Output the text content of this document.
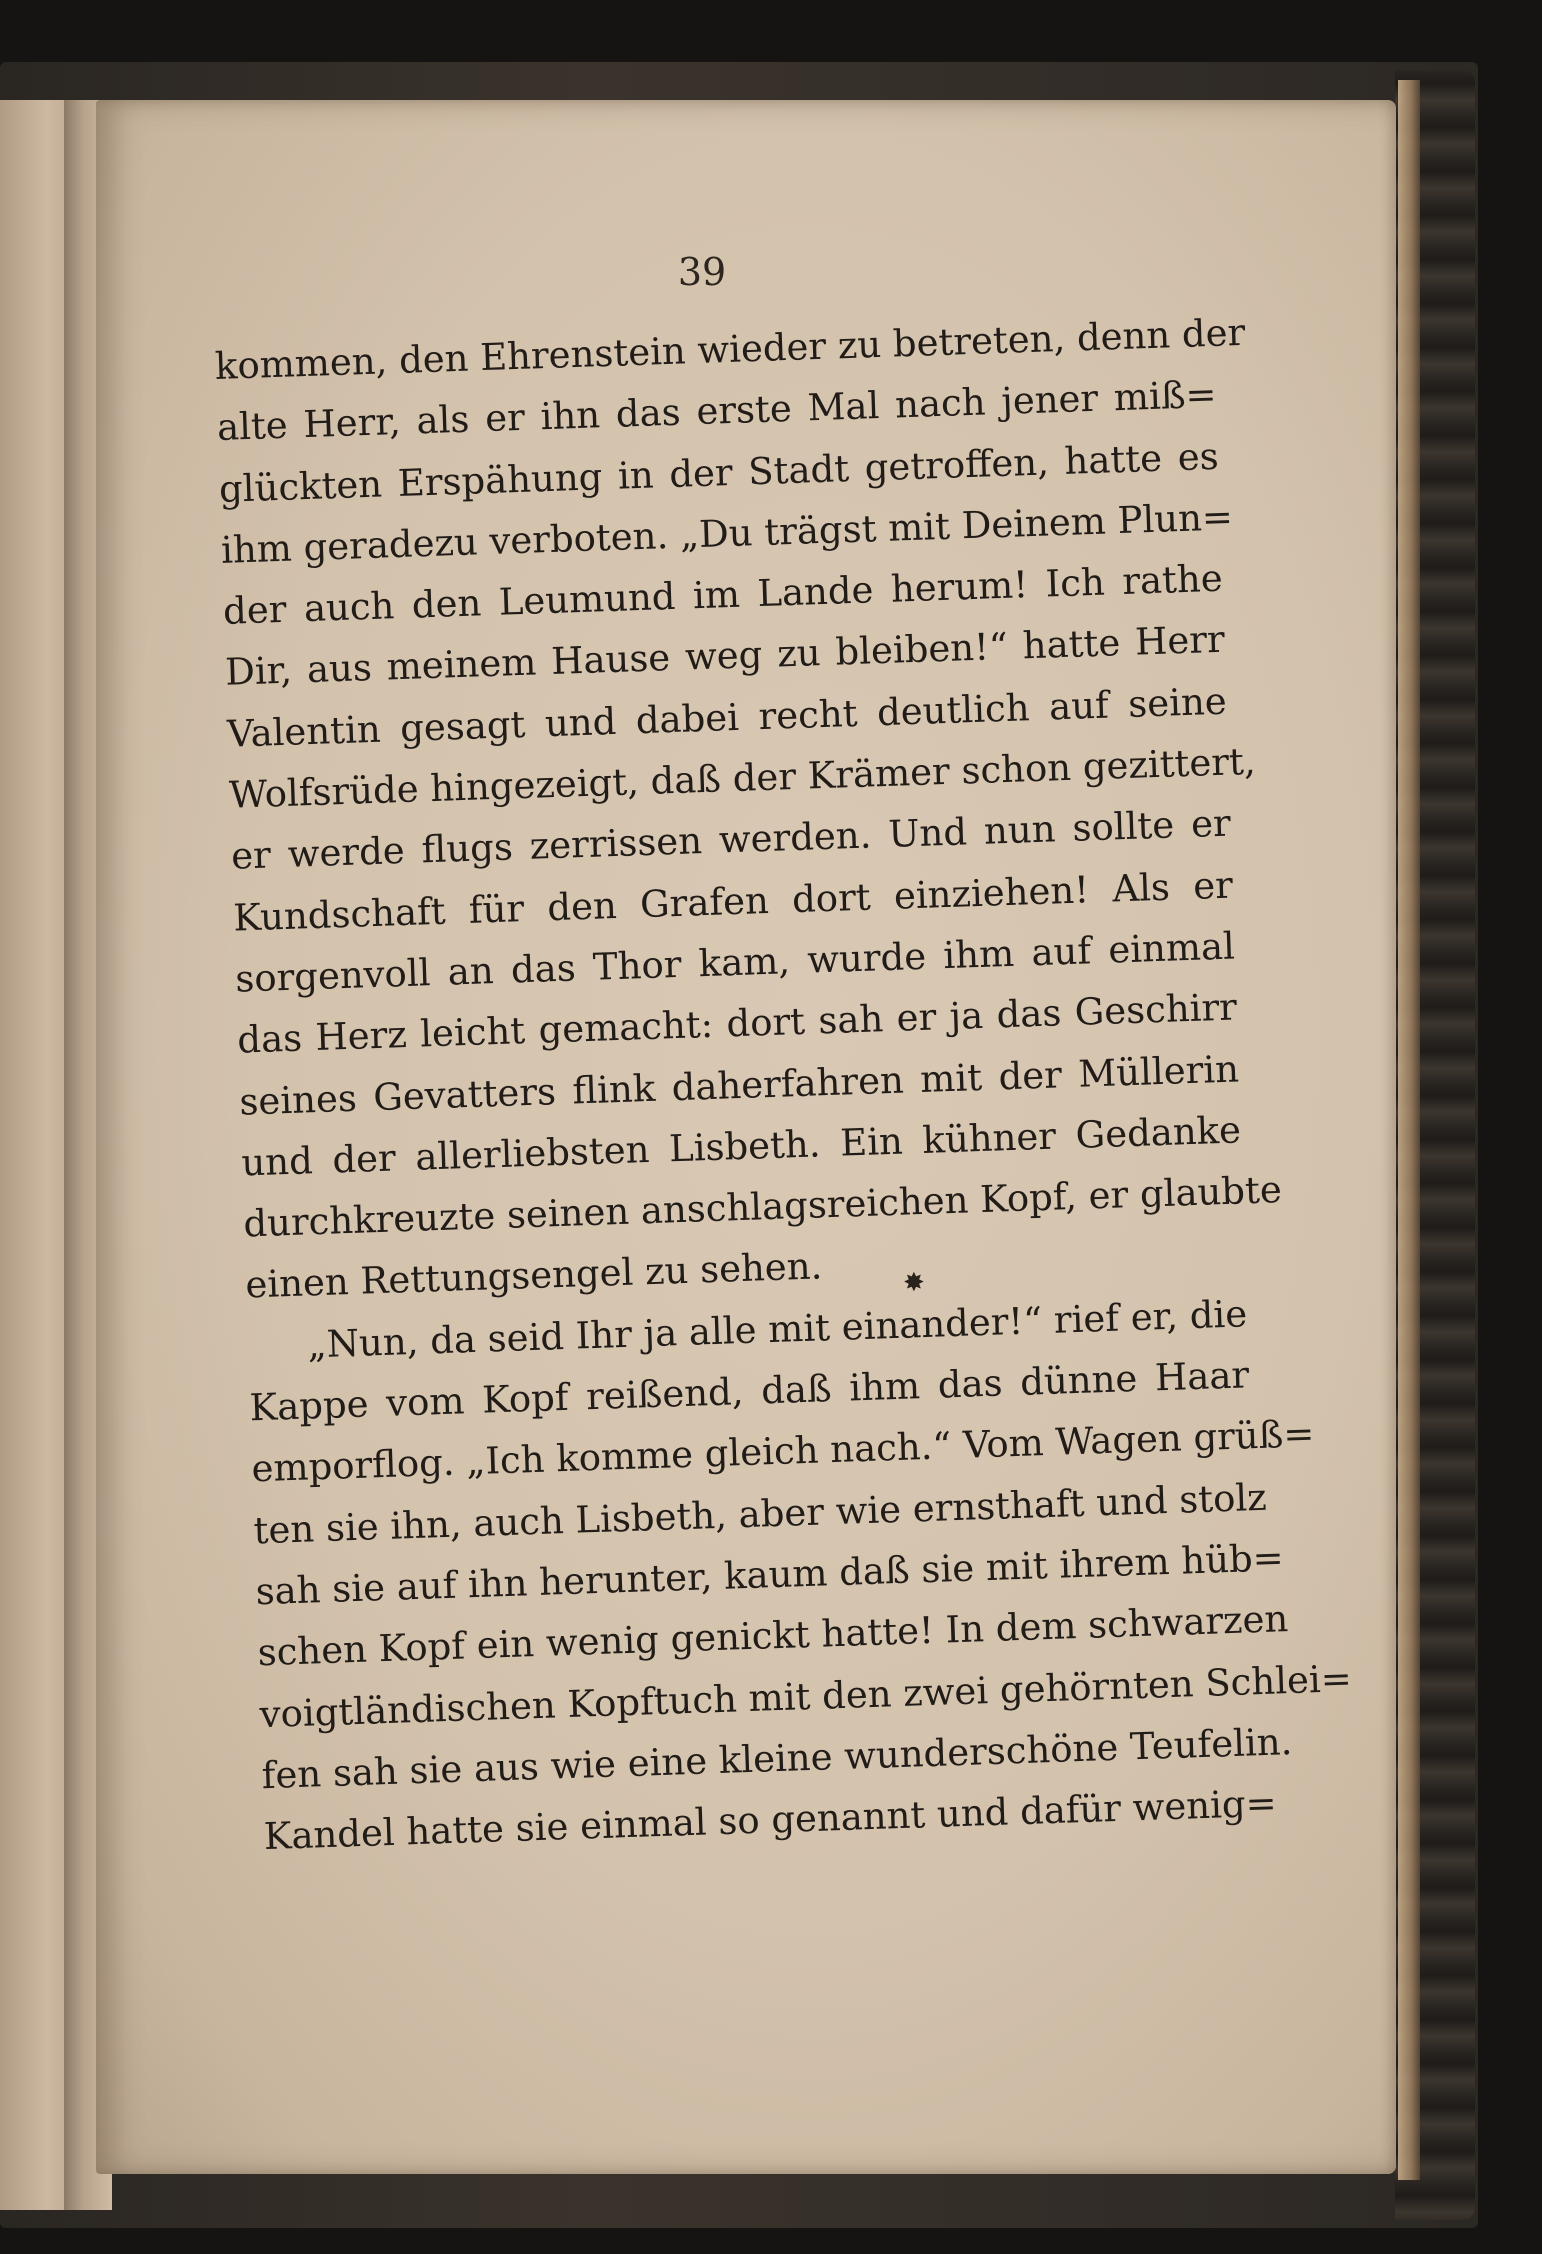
39

kommen, den Ehrenstein wieder zu betreten, denn der
alte Herr, als er ihn das erste Mal nach jener miß=
glückten Erspähung in der Stadt getroffen, hatte es
ihm geradezu verboten. „Du trägst mit Deinem Plun=
der auch den Leumund im Lande herum! Ich rathe
Dir, aus meinem Hause weg zu bleiben!“ hatte Herr
Valentin gesagt und dabei recht deutlich auf seine
Wolfsrüde hingezeigt, daß der Krämer schon gezittert,
er werde flugs zerrissen werden. Und nun sollte er
Kundschaft für den Grafen dort einziehen! Als er
sorgenvoll an das Thor kam, wurde ihm auf einmal
das Herz leicht gemacht: dort sah er ja das Geschirr
seines Gevatters flink daherfahren mit der Müllerin
und der allerliebsten Lisbeth. Ein kühner Gedanke
durchkreuzte seinen anschlagsreichen Kopf, er glaubte
einen Rettungsengel zu sehen.
„Nun, da seid Ihr ja alle mit einander!“ rief er, die
Kappe vom Kopf reißend, daß ihm das dünne Haar
emporflog. „Ich komme gleich nach.“ Vom Wagen grüß=
ten sie ihn, auch Lisbeth, aber wie ernsthaft und stolz
sah sie auf ihn herunter, kaum daß sie mit ihrem hüb=
schen Kopf ein wenig genickt hatte! In dem schwarzen
voigtländischen Kopftuch mit den zwei gehörnten Schlei=
fen sah sie aus wie eine kleine wunderschöne Teufelin.
Kandel hatte sie einmal so genannt und dafür wenig=
✸
